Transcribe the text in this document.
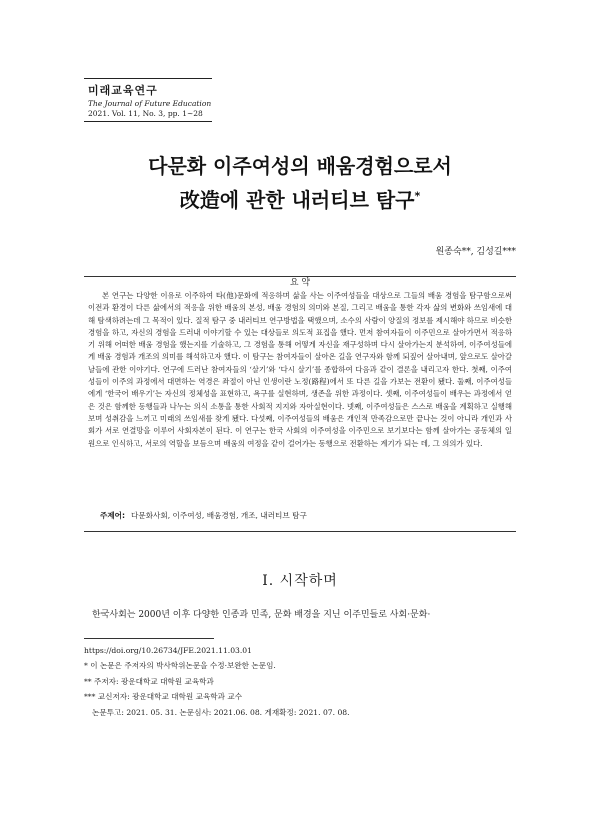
미래교육연구
The Journal of Future Education
2021. Vol. 11, No. 3, pp. 1~28
다문화 이주여성의 배움경험으로서
改造에 관한 내러티브 탐구*
원종숙**, 김성길***
요 약
본 연구는 다양한 이유로 이주하여 타(他)문화에 적응하며 삶을 사는 이주여성들을 대상으로 그들의 배움 경험을 탐구함으로써 이전과 환경이 다른 삶에서의 적응을 위한 배움의 본성, 배움 경험의 의미와 본질, 그리고 배움을 통한 각자 삶의 변화와 쓰임새에 대해 탐색하려는데 그 목적이 있다. 질적 탐구 중 내러티브 연구방법을 택했으며, 소수의 사람이 양질의 정보를 제시해야 하므로 비슷한 경험을 하고, 자신의 경험을 드러내 이야기할 수 있는 대상들로 의도적 표집을 했다. 먼저 참여자들이 이주민으로 살아가면서 적응하기 위해 어떠한 배움 경험을 했는지를 기술하고, 그 경험을 통해 어떻게 자신을 재구성하며 다시 살아가는지 분석하여, 이주여성들에게 배움 경험과 개조의 의미를 해석하고자 했다. 이 탐구는 참여자들이 살아온 길을 연구자와 함께 되짚어 살아내며, 앞으로도 살아갈 날들에 관한 이야기다. 연구에 드러난 참여자들의 ‘살기’와 ‘다시 살기’를 종합하여 다음과 같이 결론을 내리고자 한다. 첫째, 이주여성들이 이주의 과정에서 대면하는 역경은 좌절이 아닌 인생이란 노정(路程)에서 또 다른 길을 가보는 전환이 됐다. 둘째, 이주여성들에게 ‘한국어 배우기’는 자신의 정체성을 표현하고, 욕구를 실현하며, 생존을 위한 과정이다. 셋째, 이주여성들이 배우는 과정에서 얻은 것은 함께한 동행들과 나누는 의식 소통을 통한 사회적 지지와 자아실현이다. 넷째, 이주여성들은 스스로 배움을 계획하고 실행해 보며 성취감을 느끼고 미래의 쓰임새를 찾게 됐다. 다섯째, 이주여성들의 배움은 개인적 만족감으로만 끝나는 것이 아니라 개인과 사회가 서로 연결망을 이루어 사회자본이 된다. 이 연구는 한국 사회의 이주여성을 이주민으로 보기보다는 함께 살아가는 공동체의 일원으로 인식하고, 서로의 역할을 보듬으며 배움의 여정을 같이 걸어가는 동행으로 전환하는 계기가 되는 데, 그 의의가 있다.
주제어: 다문화사회, 이주여성, 배움경험, 개조, 내러티브 탐구
Ⅰ. 시작하며
한국사회는 2000년 이후 다양한 인종과 민족, 문화 배경을 지닌 이주민들로 사회·문화·
https://doi.org/10.26734/JFE.2021.11.03.01
* 이 논문은 주저자의 박사학위논문을 수정·보완한 논문임.
** 주저자: 광운대학교 대학원 교육학과
*** 교신저자: 광운대학교 대학원 교육학과 교수
논문투고: 2021. 05. 31. 논문심사: 2021.06. 08. 게재확정: 2021. 07. 08.
